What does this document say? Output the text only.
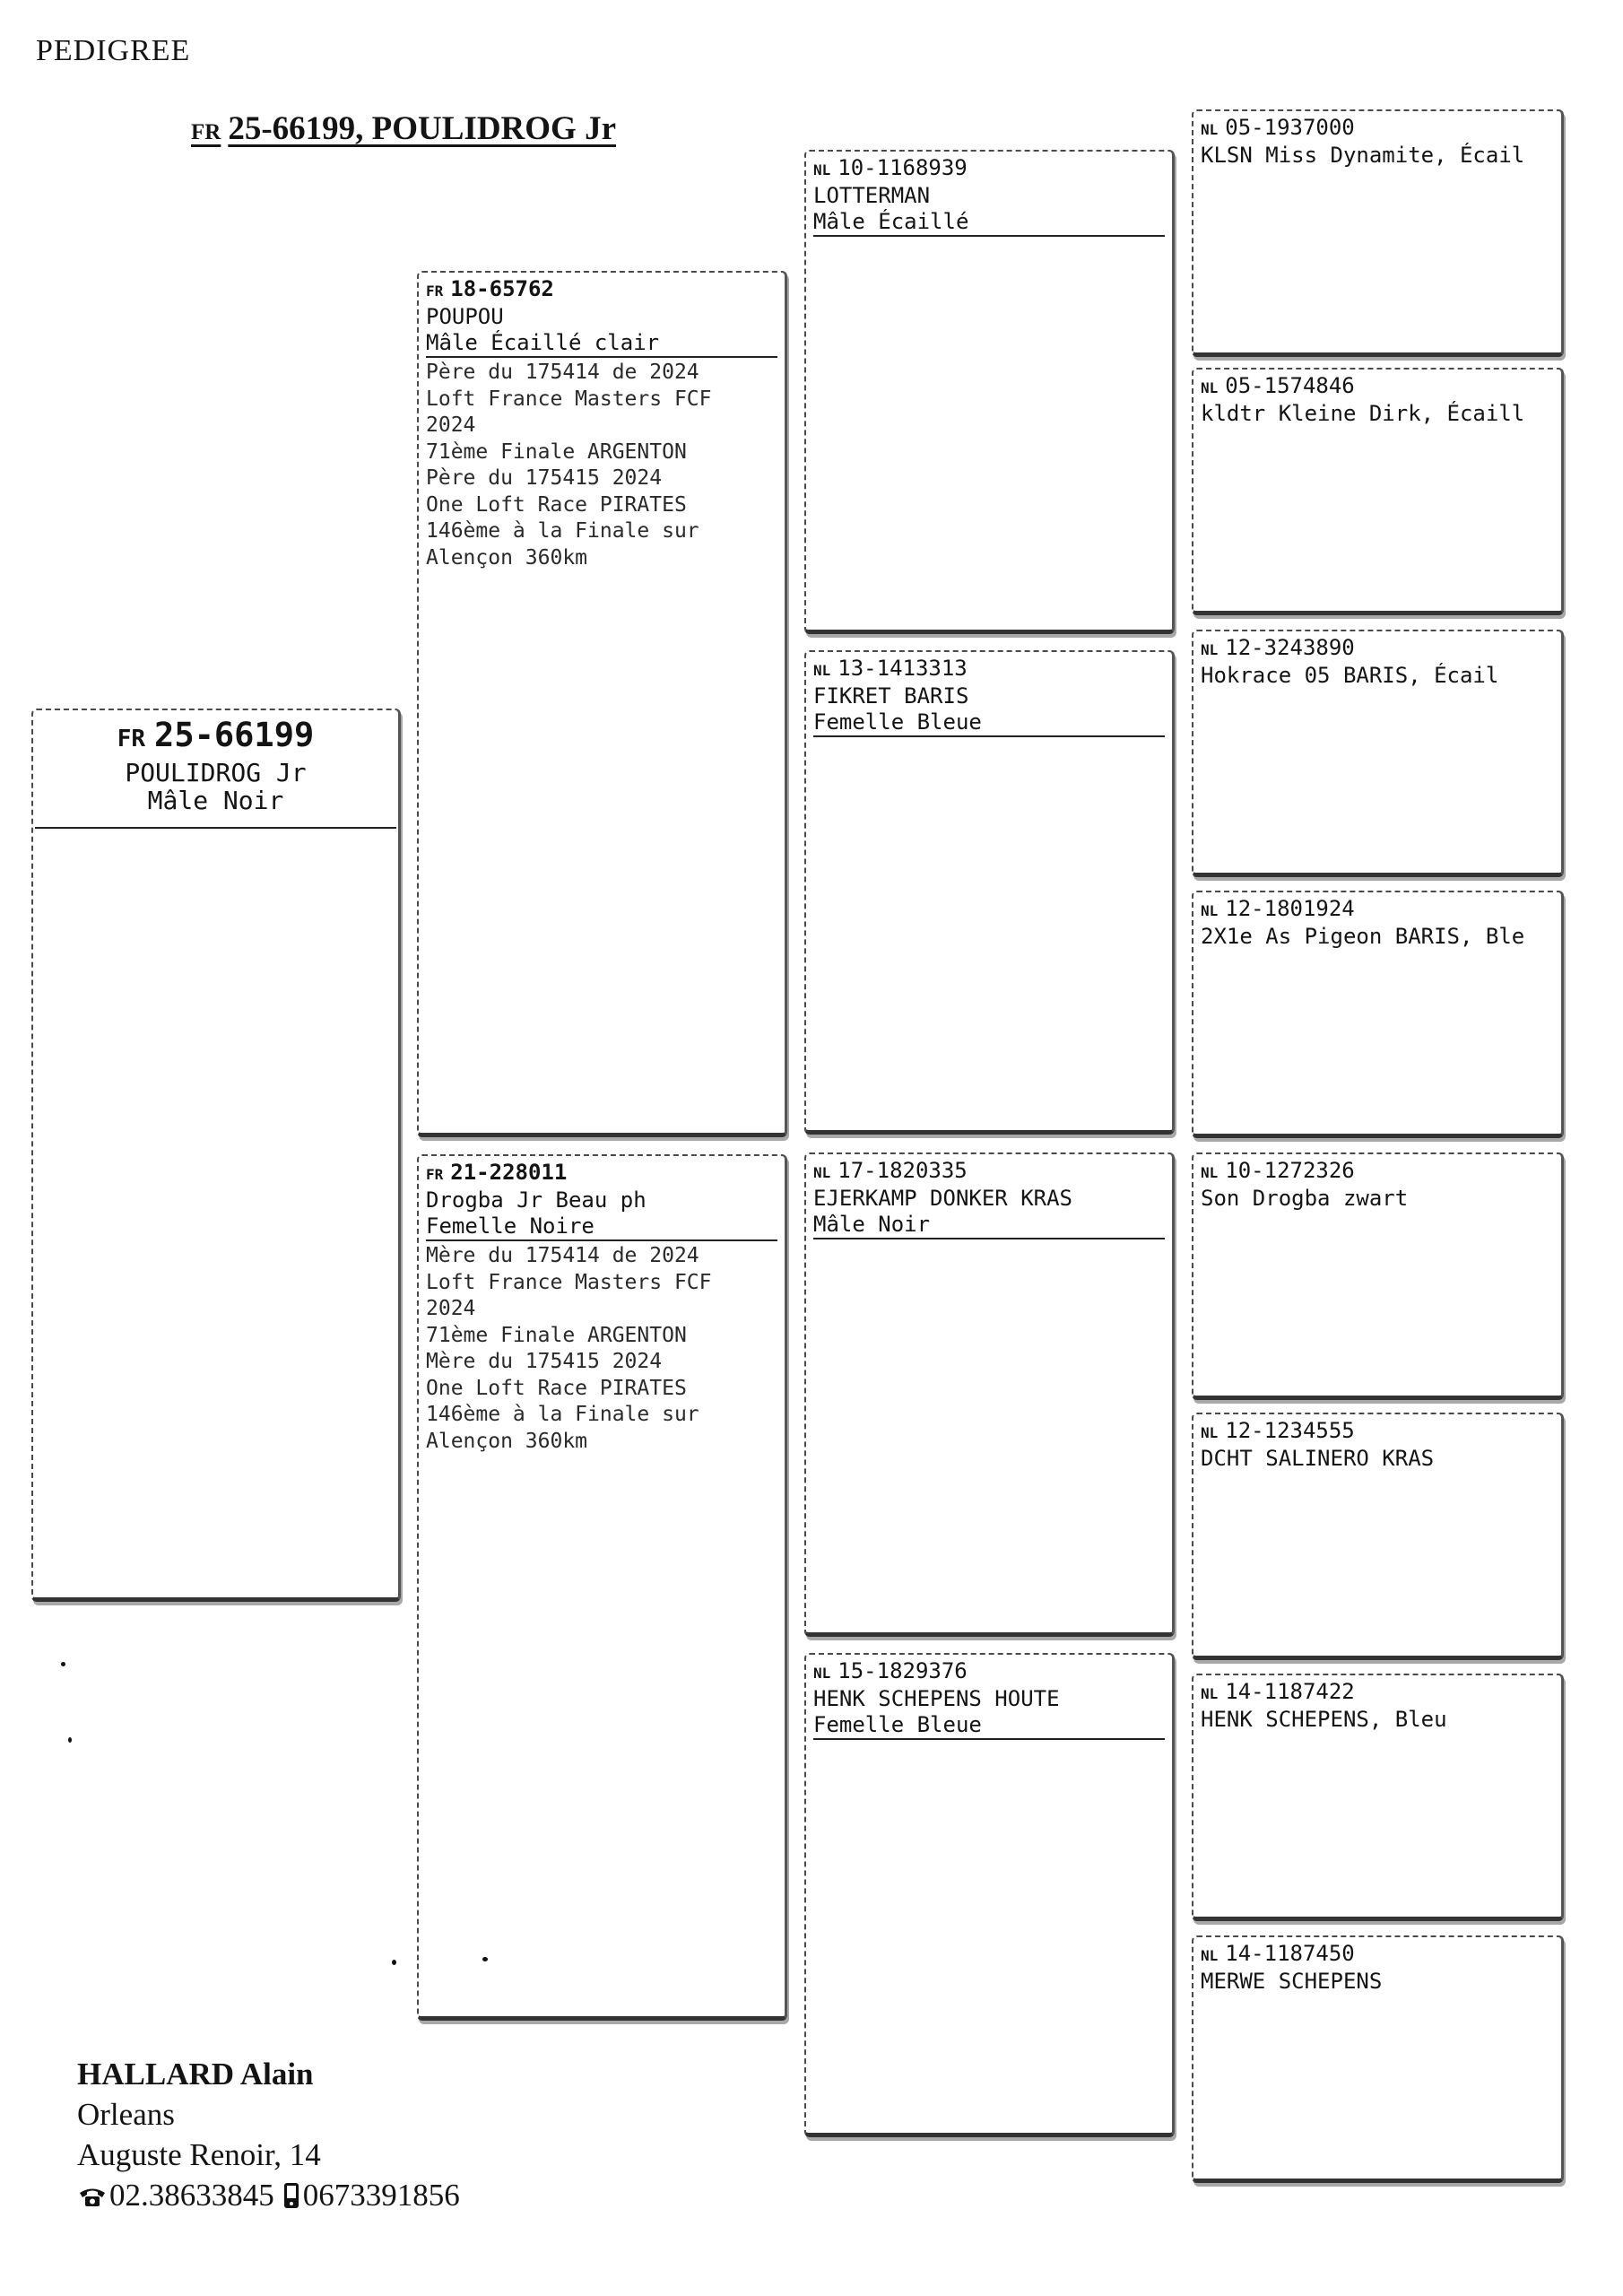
PEDIGREE
FR 25-66199, POULIDROG Jr
FR 25-66199
POULIDROG Jr
Mâle Noir
FR 18-65762
POUPOU
Mâle Écaillé clair
Père du 175414 de 2024
Loft France Masters FCF
2024
71ème Finale ARGENTON
Père du 175415 2024
One Loft Race PIRATES
146ème à la Finale sur
Alençon 360km
FR 21-228011
Drogba Jr Beau ph
Femelle Noire
Mère du 175414 de 2024
Loft France Masters FCF
2024
71ème Finale ARGENTON
Mère du 175415 2024
One Loft Race PIRATES
146ème à la Finale sur
Alençon 360km
NL 10-1168939
LOTTERMAN
Mâle Écaillé
NL 13-1413313
FIKRET BARIS
Femelle Bleue
NL 17-1820335
EJERKAMP DONKER KRAS
Mâle Noir
NL 15-1829376
HENK SCHEPENS HOUTE
Femelle Bleue
NL 05-1937000
KLSN Miss Dynamite, Écail
NL 05-1574846
kldtr Kleine Dirk, Écaill
NL 12-3243890
Hokrace 05 BARIS, Écail
NL 12-1801924
2X1e As Pigeon BARIS, Ble
NL 10-1272326
Son Drogba zwart
NL 12-1234555
DCHT SALINERO KRAS
NL 14-1187422
HENK SCHEPENS, Bleu
NL 14-1187450
MERWE SCHEPENS
HALLARD Alain
Orleans
Auguste Renoir, 14
02.38633845 0673391856
